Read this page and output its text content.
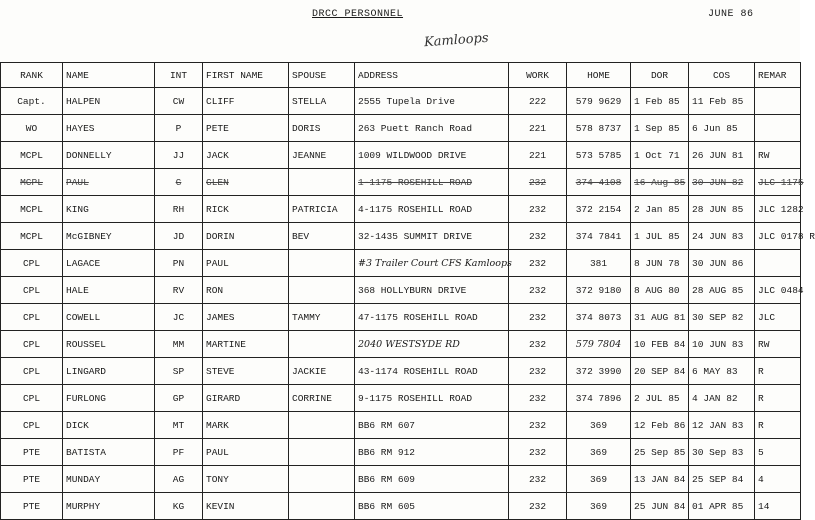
DRCC PERSONNEL	JUNE 86
Kamloops
RANK	NAME	INT	FIRST NAME	SPOUSE	ADDRESS	WORK	HOME	DOR	COS	REMAR
Capt.	HALPEN	CW	CLIFF	STELLA	2555 Tupela Drive	222	579 9629	1 Feb 85	11 Feb 85	
WO	HAYES	P	PETE	DORIS	263 Puett Ranch Road	221	578 8737	1 Sep 85	6 Jun 85	
MCPL	DONNELLY	JJ	JACK	JEANNE	1009 WILDWOOD DRIVE	221	573 5785	1 Oct 71	26 JUN 81	RW
MCPL	PAUL	G	GLEN		1-1175 ROSEHILL ROAD	232	374 4108	16 Aug 85	30 JUN 82	JLC 1175
MCPL	KING	RH	RICK	PATRICIA	4-1175 ROSEHILL ROAD	232	372 2154	2 Jan 85	28 JUN 85	JLC 1282
MCPL	McGIBNEY	JD	DORIN	BEV	32-1435 SUMMIT DRIVE	232	374 7841	1 JUL 85	24 JUN 83	JLC 0178 R
CPL	LAGACE	PN	PAUL		#3 Trailer Court CFS Kamloops	232	381	8 JUN 78	30 JUN 86	
CPL	HALE	RV	RON		368 HOLLYBURN DRIVE	232	372 9180	8 AUG 80	28 AUG 85	JLC 0484
CPL	COWELL	JC	JAMES	TAMMY	47-1175 ROSEHILL ROAD	232	374 8073	31 AUG 81	30 SEP 82	JLC
CPL	ROUSSEL	MM	MARTINE		2040 WESTSYDE RD	232	579 7804	10 FEB 84	10 JUN 83	RW
CPL	LINGARD	SP	STEVE	JACKIE	43-1174 ROSEHILL ROAD	232	372 3990	20 SEP 84	6 MAY 83	R
CPL	FURLONG	GP	GIRARD	CORRINE	9-1175 ROSEHILL ROAD	232	374 7896	2 JUL 85	4 JAN 82	R
CPL	DICK	MT	MARK		BB6 RM 607	232	369	12 Feb 86	12 JAN 83	R
PTE	BATISTA	PF	PAUL		BB6 RM 912	232	369	25 Sep 85	30 Sep 83	5
PTE	MUNDAY	AG	TONY		BB6 RM 609	232	369	13 JAN 84	25 SEP 84	4
PTE	MURPHY	KG	KEVIN		BB6 RM 605	232	369	25 JUN 84	01 APR 85	14
